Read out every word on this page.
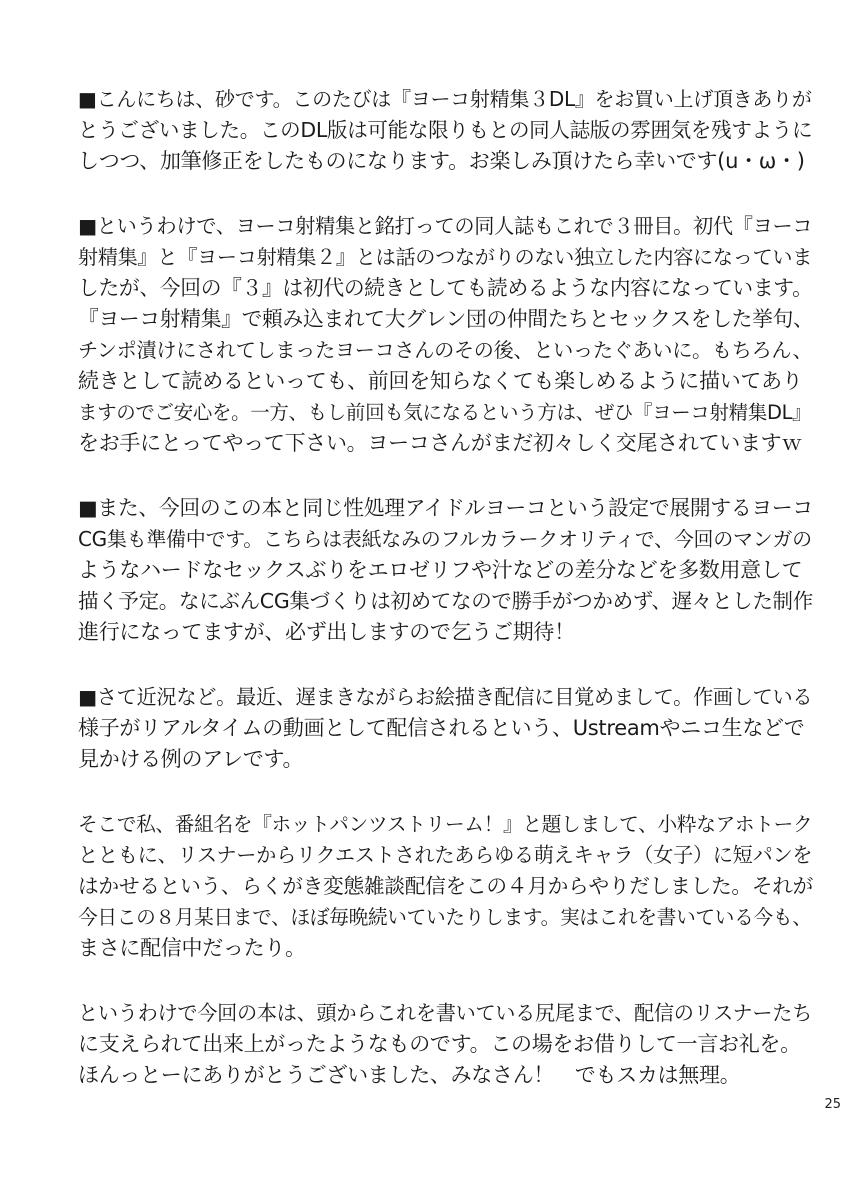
■こんにちは、砂です。このたびは『ヨーコ射精集３DL』をお買い上げ頂きありが
とうございました。このDL版は可能な限りもとの同人誌版の雰囲気を残すように
しつつ、加筆修正をしたものになります。お楽しみ頂けたら幸いです(u・ω・)
■というわけで、ヨーコ射精集と銘打っての同人誌もこれで３冊目。初代『ヨーコ
射精集』と『ヨーコ射精集２』とは話のつながりのない独立した内容になっていま
したが、今回の『３』は初代の続きとしても読めるような内容になっています。
『ヨーコ射精集』で頼み込まれて大グレン団の仲間たちとセックスをした挙句、
チンポ漬けにされてしまったヨーコさんのその後、といったぐあいに。もちろん、
続きとして読めるといっても、前回を知らなくても楽しめるように描いてあり
ますのでご安心を。一方、もし前回も気になるという方は、ぜひ『ヨーコ射精集DL』
をお手にとってやって下さい。ヨーコさんがまだ初々しく交尾されていますｗ
■また、今回のこの本と同じ性処理アイドルヨーコという設定で展開するヨーコ
CG集も準備中です。こちらは表紙なみのフルカラークオリティで、今回のマンガの
ようなハードなセックスぶりをエロゼリフや汁などの差分などを多数用意して
描く予定。なにぶんCG集づくりは初めてなので勝手がつかめず、遅々とした制作
進行になってますが、必ず出しますので乞うご期待！
■さて近況など。最近、遅まきながらお絵描き配信に目覚めまして。作画している
様子がリアルタイムの動画として配信されるという、Ustreamやニコ生などで
見かける例のアレです。
そこで私、番組名を『ホットパンツストリーム！』と題しまして、小粋なアホトーク
とともに、リスナーからリクエストされたあらゆる萌えキャラ（女子）に短パンを
はかせるという、らくがき変態雑談配信をこの４月からやりだしました。それが
今日この８月某日まで、ほぼ毎晩続いていたりします。実はこれを書いている今も、
まさに配信中だったり。
というわけで今回の本は、頭からこれを書いている尻尾まで、配信のリスナーたち
に支えられて出来上がったようなものです。この場をお借りして一言お礼を。
ほんっとーにありがとうございました、みなさん！　でもスカは無理。
25
